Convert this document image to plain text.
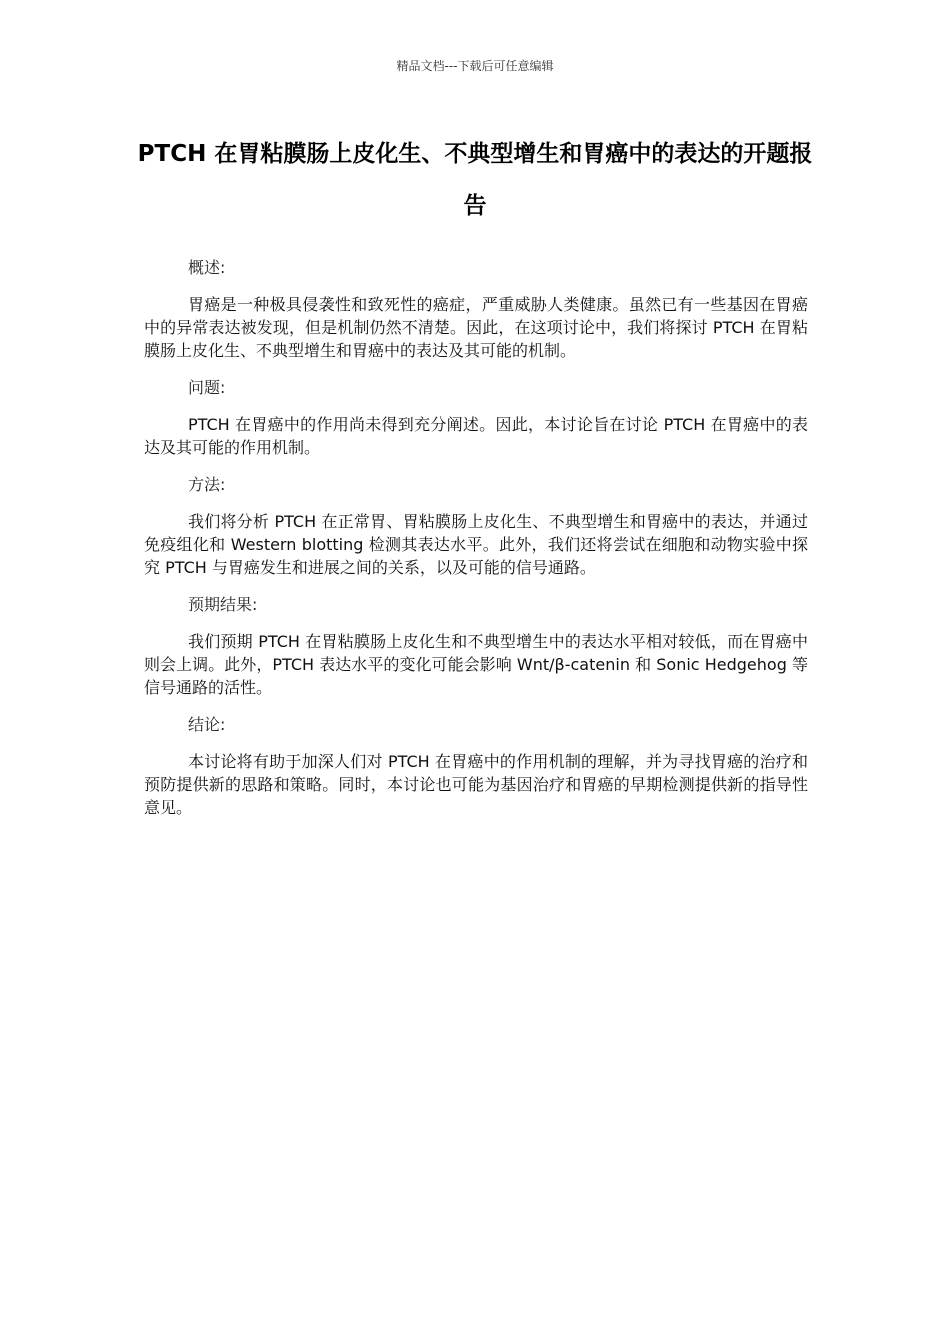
精品文档---下载后可任意编辑
PTCH 在胃粘膜肠上皮化生、不典型增生和胃癌中的表达的开题报告

概述:

胃癌是一种极具侵袭性和致死性的癌症，严重威胁人类健康。虽然已有一些基因在胃癌中的异常表达被发现，但是机制仍然不清楚。因此，在这项讨论中，我们将探讨 PTCH 在胃粘膜肠上皮化生、不典型增生和胃癌中的表达及其可能的机制。

问题:

PTCH 在胃癌中的作用尚未得到充分阐述。因此，本讨论旨在讨论 PTCH 在胃癌中的表达及其可能的作用机制。

方法:

我们将分析 PTCH 在正常胃、胃粘膜肠上皮化生、不典型增生和胃癌中的表达，并通过免疫组化和 Western blotting 检测其表达水平。此外，我们还将尝试在细胞和动物实验中探究 PTCH 与胃癌发生和进展之间的关系，以及可能的信号通路。

预期结果:

我们预期 PTCH 在胃粘膜肠上皮化生和不典型增生中的表达水平相对较低，而在胃癌中则会上调。此外，PTCH 表达水平的变化可能会影响 Wnt/β-catenin 和 Sonic Hedgehog 等信号通路的活性。

结论:

本讨论将有助于加深人们对 PTCH 在胃癌中的作用机制的理解，并为寻找胃癌的治疗和预防提供新的思路和策略。同时，本讨论也可能为基因治疗和胃癌的早期检测提供新的指导性意见。
